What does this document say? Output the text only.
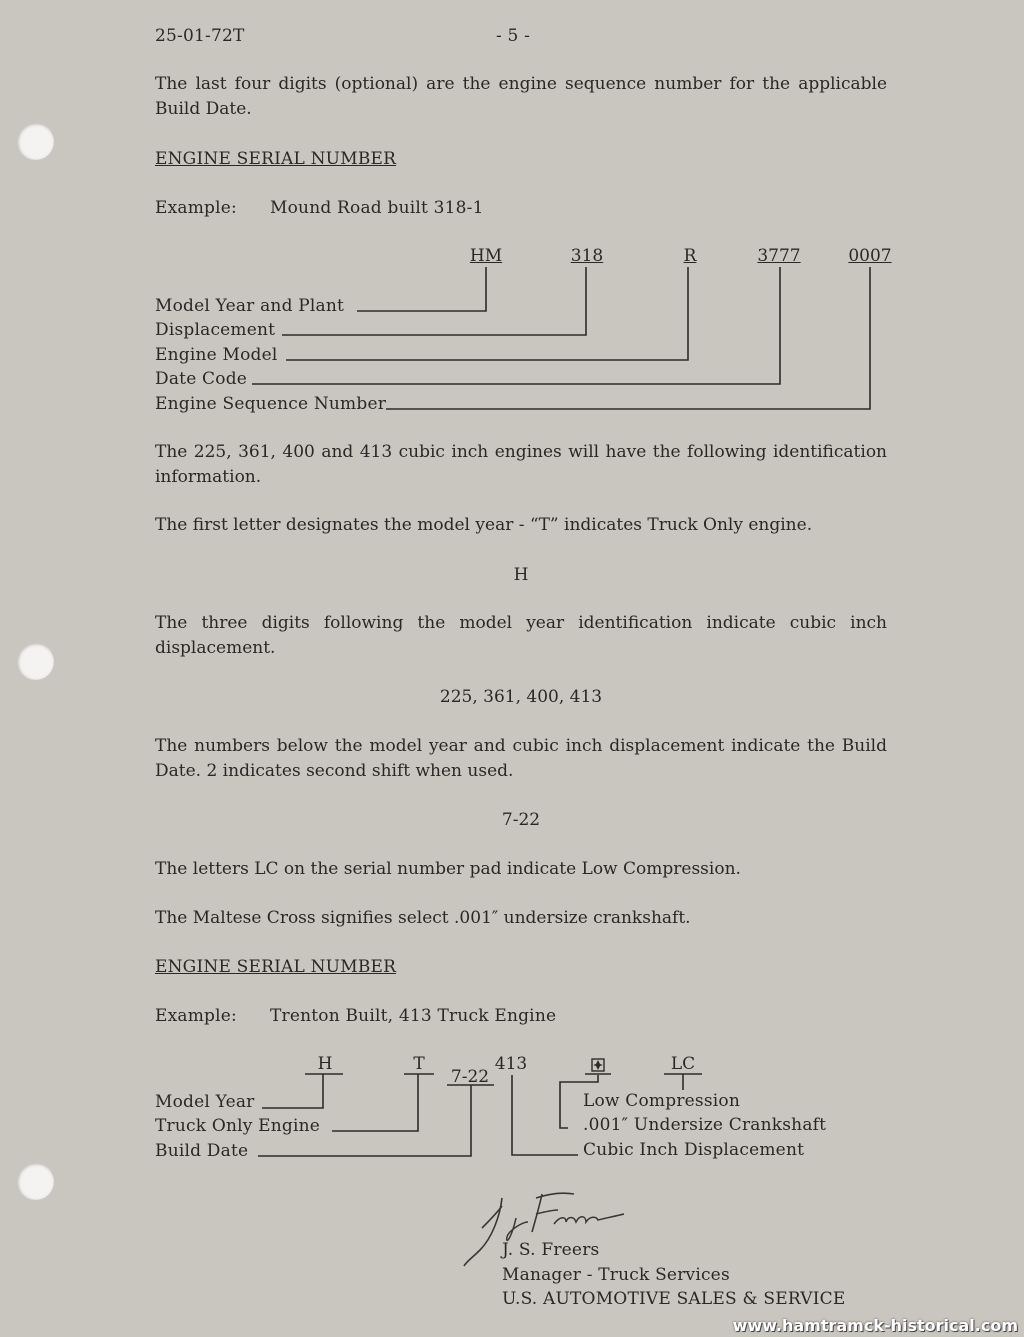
25-01-72T	- 5 -
The last four digits (optional) are the engine sequence number for the applicable Build Date.
ENGINE SERIAL NUMBER
Example: Mound Road built 318-1
HM	318	R	3777	0007
Model Year and Plant
Displacement
Engine Model
Date Code
Engine Sequence Number
The 225, 361, 400 and 413 cubic inch engines will have the following identification information.
The first letter designates the model year - “T” indicates Truck Only engine.
H
The three digits following the model year identification indicate cubic inch displacement.
225, 361, 400, 413
The numbers below the model year and cubic inch displacement indicate the Build Date. 2 indicates second shift when used.
7-22
The letters LC on the serial number pad indicate Low Compression.
The Maltese Cross signifies select .001″ undersize crankshaft.
ENGINE SERIAL NUMBER
Example: Trenton Built, 413 Truck Engine
H	T
7-22
413	LC
Model Year
Truck Only Engine
Build Date
Low Compression
.001″ Undersize Crankshaft
Cubic Inch Displacement
J. S. Freers
Manager - Truck Services
U.S. AUTOMOTIVE SALES & SERVICE
www.hamtramck-historical.com
